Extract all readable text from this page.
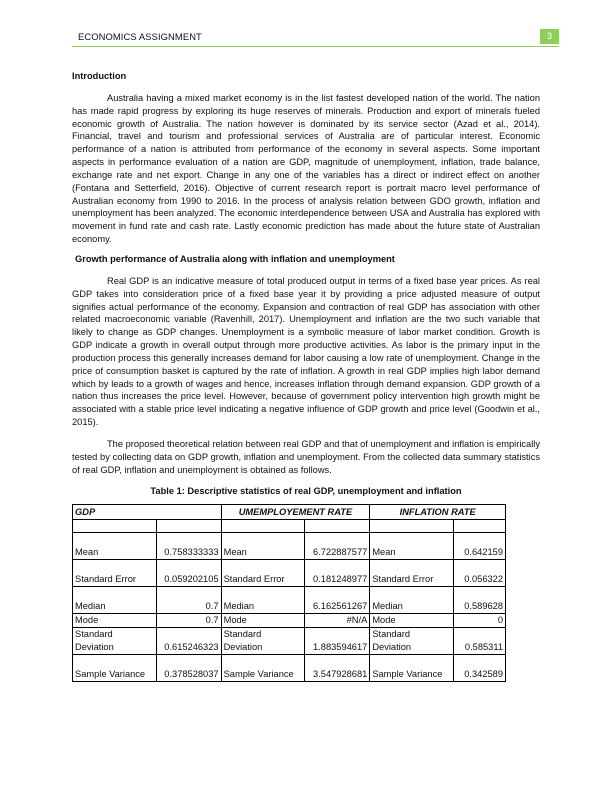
ECONOMICS ASSIGNMENT	3
Introduction

Australia having a mixed market economy is in the list fastest developed nation of the world. The nation has made rapid progress by exploring its huge reserves of minerals. Production and export of minerals fueled economic growth of Australia. The nation however is dominated by its service sector (Azad et al., 2014). Financial, travel and tourism and professional services of Australia are of particular interest. Economic performance of a nation is attributed from performance of the economy in several aspects. Some important aspects in performance evaluation of a nation are GDP, magnitude of unemployment, inflation, trade balance, exchange rate and net export. Change in any one of the variables has a direct or indirect effect on another (Fontana and Setterfield, 2016). Objective of current research report is portrait macro level performance of Australian economy from 1990 to 2016. In the process of analysis relation between GDO growth, inflation and unemployment has been analyzed. The economic interdependence between USA and Australia has explored with movement in fund rate and cash rate. Lastly economic prediction has made about the future state of Australian economy.

Growth performance of Australia along with inflation and unemployment

Real GDP is an indicative measure of total produced output in terms of a fixed base year prices. As real GDP takes into consideration price of a fixed base year it by providing a price adjusted measure of output signifies actual performance of the economy. Expansion and contraction of real GDP has association with other related macroeconomic variable (Ravenhill, 2017). Unemployment and inflation are the two such variable that likely to change as GDP changes. Unemployment is a symbolic measure of labor market condition. Growth is GDP indicate a growth in overall output through more productive activities. As labor is the primary input in the production process this generally increases demand for labor causing a low rate of unemployment. Change in the price of consumption basket is captured by the rate of inflation. A growth in real GDP implies high labor demand which by leads to a growth of wages and hence, increases inflation through demand expansion. GDP growth of a nation thus increases the price level. However, because of government policy intervention high growth might be associated with a stable price level indicating a negative influence of GDP growth and price level (Goodwin et al., 2015).

The proposed theoretical relation between real GDP and that of unemployment and inflation is empirically tested by collecting data on GDP growth, inflation and unemployment. From the collected data summary statistics of real GDP, inflation and unemployment is obtained as follows.

Table 1: Descriptive statistics of real GDP, unemployment and inflation
GDP		UMEMPLOYEMENT RATE		INFLATION RATE	

Mean	0.758333333	Mean	6.722887577	Mean	0.642159
Standard Error	0.059202105	Standard Error	0.181248977	Standard Error	0.056322
Median	0.7	Median	6.162561267	Median	0.589628
Mode	0.7	Mode	#N/A	Mode	0
Standard Deviation	0.615246323	Standard Deviation	1.883594617	Standard Deviation	0.585311
Sample Variance	0.378528037	Sample Variance	3.547928681	Sample Variance	0.342589
